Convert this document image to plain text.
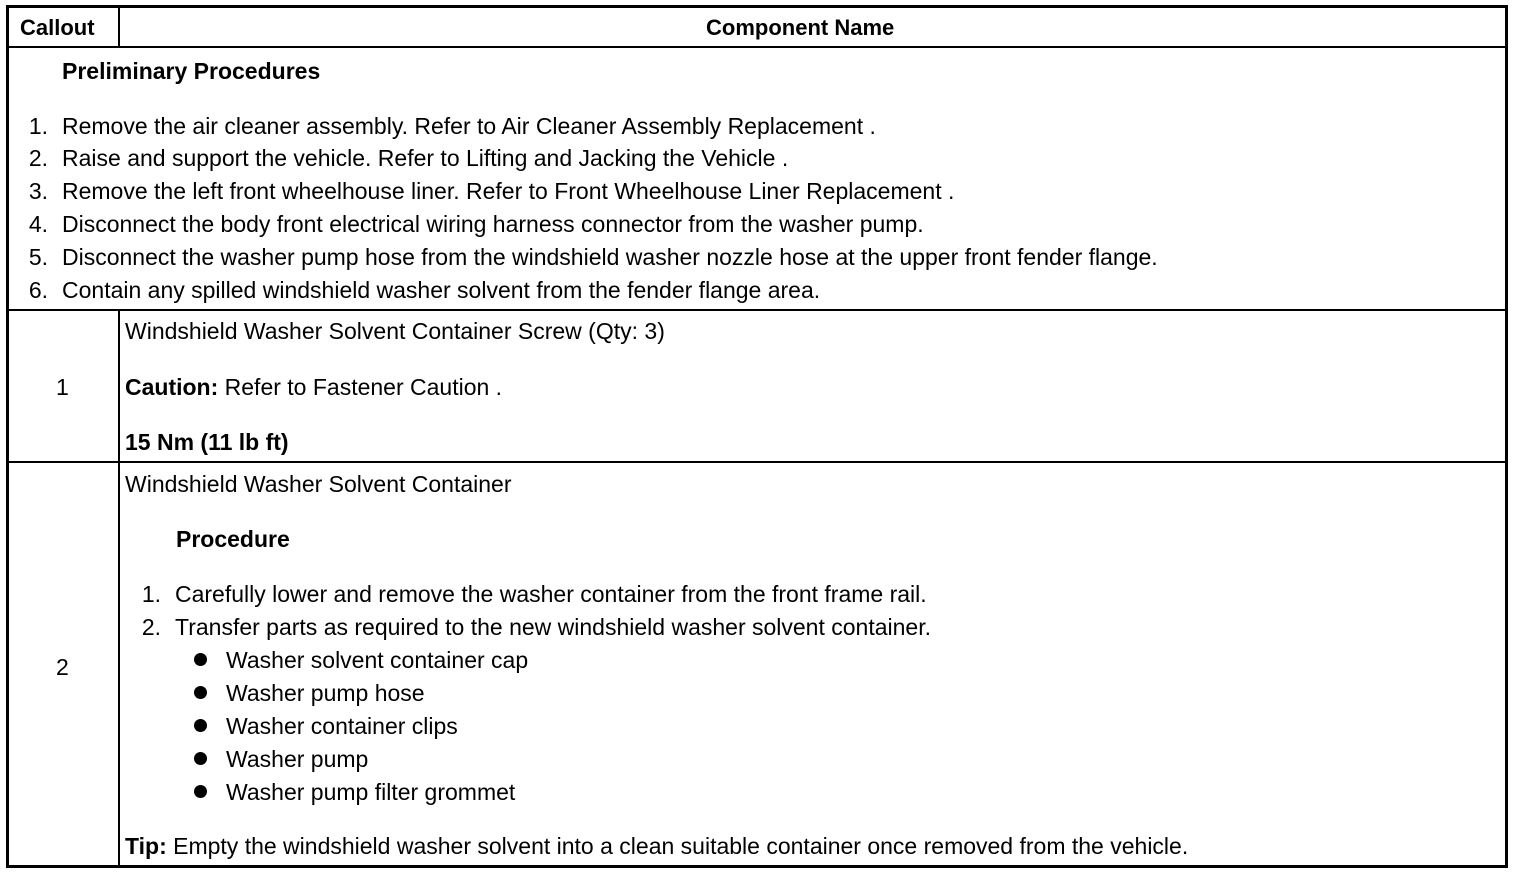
Callout	Component Name
Preliminary Procedures
1. Remove the air cleaner assembly. Refer to Air Cleaner Assembly Replacement .
2. Raise and support the vehicle. Refer to Lifting and Jacking the Vehicle .
3. Remove the left front wheelhouse liner. Refer to Front Wheelhouse Liner Replacement .
4. Disconnect the body front electrical wiring harness connector from the washer pump.
5. Disconnect the washer pump hose from the windshield washer nozzle hose at the upper front fender flange.
6. Contain any spilled windshield washer solvent from the fender flange area.
1
Windshield Washer Solvent Container Screw (Qty: 3)
Caution: Refer to Fastener Caution .
15 Nm (11 lb ft)
2
Windshield Washer Solvent Container
Procedure
1. Carefully lower and remove the washer container from the front frame rail.
2. Transfer parts as required to the new windshield washer solvent container.
Washer solvent container cap
Washer pump hose
Washer container clips
Washer pump
Washer pump filter grommet
Tip: Empty the windshield washer solvent into a clean suitable container once removed from the vehicle.
